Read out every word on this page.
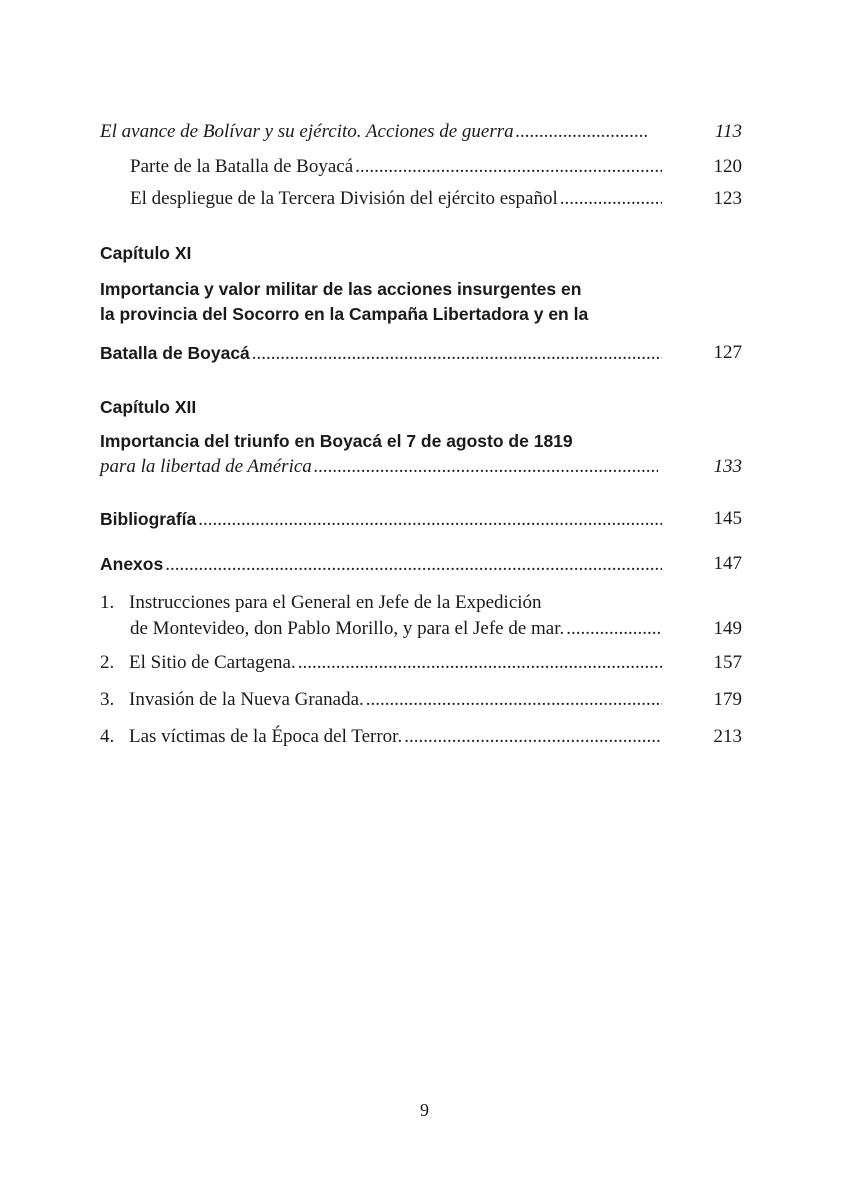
El avance de Bolívar y su ejército. Acciones de guerra .....	113
Parte de la Batalla de Boyacá .....	120
El despliegue de la Tercera División del ejército español .....	123
Capítulo XI
Importancia y valor militar de las acciones insurgentes en
la provincia del Socorro en la Campaña Libertadora y en la
Batalla de Boyacá .....	127
Capítulo XII
Importancia del triunfo en Boyacá el 7 de agosto de 1819
para la libertad de América .....	133
Bibliografía .....	145
Anexos .....	147
1. Instrucciones para el General en Jefe de la Expedición
de Montevideo, don Pablo Morillo, y para el Jefe de mar. .....	149
2. El Sitio de Cartagena. .....	157
3. Invasión de la Nueva Granada. .....	179
4. Las víctimas de la Época del Terror. .....	213
9
